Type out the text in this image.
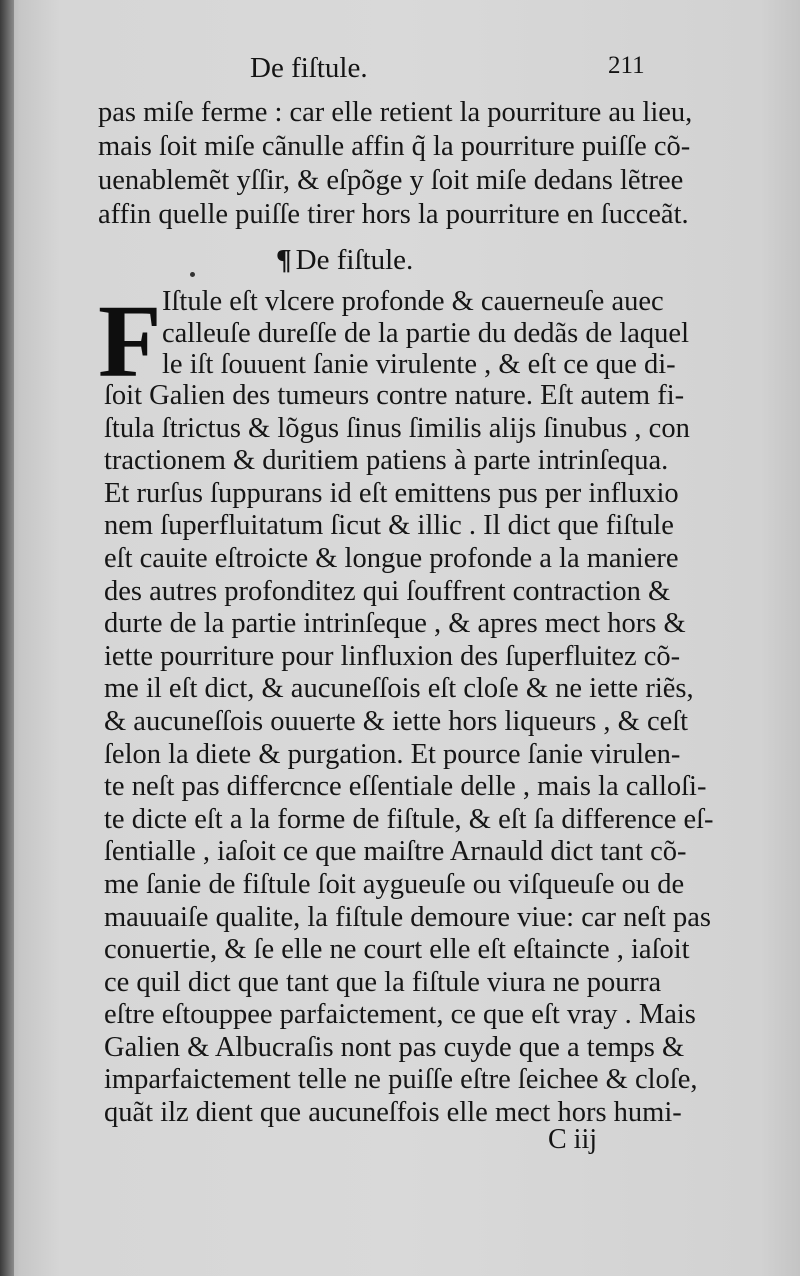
De fiſtule.	211
pas miſe ferme : car elle retient la pourriture au lieu,
mais ſoit miſe cãnulle affin q̃ la pourriture puiſſe cõ-
uenablemẽt yſſir, & eſpõge y ſoit miſe dedans lẽtree
affin quelle puiſſe tirer hors la pourriture en ſucceãt.
¶ De fiſtule.
F Iſtule eſt vlcere profonde & cauerneuſe auec
calleuſe dureſſe de la partie du dedãs de laquel
le iſt ſouuent ſanie virulente , & eſt ce que di-
ſoit Galien des tumeurs contre nature. Eſt autem fi-
ſtula ſtrictus & lõgus ſinus ſimilis alijs ſinubus , con
tractionem & duritiem patiens à parte intrinſequa.
Et rurſus ſuppurans id eſt emittens pus per influxio
nem ſuperfluitatum ſicut & illic . Il dict que fiſtule
eſt cauite eſtroicte & longue profonde a la maniere
des autres profonditez qui ſouffrent contraction &
durte de la partie intrinſeque , & apres mect hors &
iette pourriture pour linfluxion des ſuperfluitez cõ-
me il eſt dict, & aucuneſſois eſt cloſe & ne iette riẽs,
& aucuneſſois ouuerte & iette hors liqueurs , & ceſt
ſelon la diete & purgation. Et pource ſanie virulen-
te neſt pas differcnce eſſentiale delle , mais la calloſi-
te dicte eſt a la forme de fiſtule, & eſt ſa difference eſ-
ſentialle , iaſoit ce que maiſtre Arnauld dict tant cõ-
me ſanie de fiſtule ſoit aygueuſe ou viſqueuſe ou de
mauuaiſe qualite, la fiſtule demoure viue: car neſt pas
conuertie, & ſe elle ne court elle eſt eſtaincte , iaſoit
ce quil dict que tant que la fiſtule viura ne pourra
eſtre eſtouppee parfaictement, ce que eſt vray . Mais
Galien & Albucraſis nont pas cuyde que a temps &
imparfaictement telle ne puiſſe eſtre ſeichee & cloſe,
quãt ilz dient que aucuneſfois elle mect hors humi-
C iij
